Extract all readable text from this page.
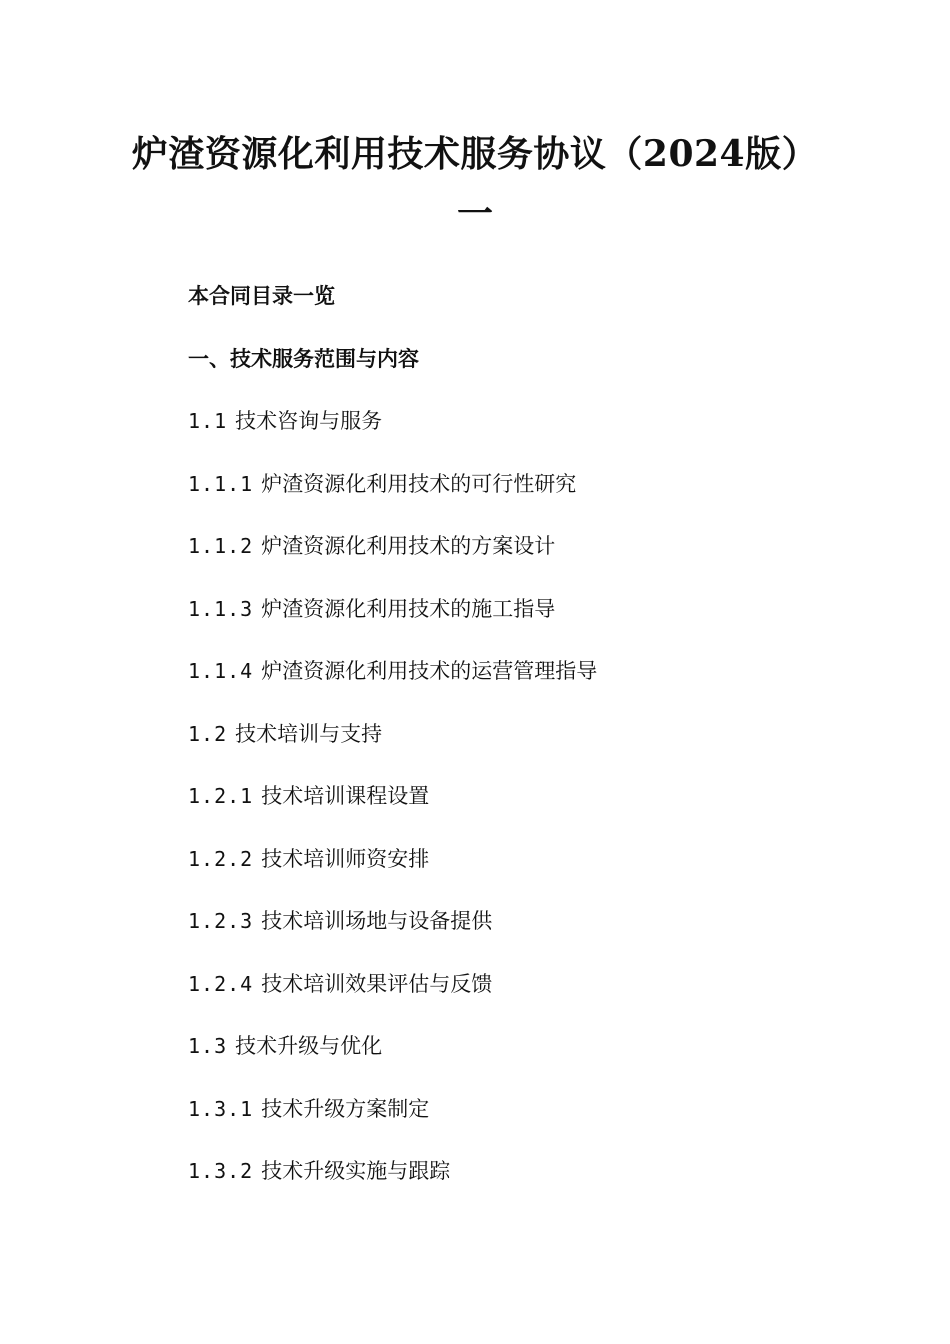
炉渣资源化利用技术服务协议（2024版）
一
本合同目录一览
一、技术服务范围与内容
1.1 技术咨询与服务
1.1.1 炉渣资源化利用技术的可行性研究
1.1.2 炉渣资源化利用技术的方案设计
1.1.3 炉渣资源化利用技术的施工指导
1.1.4 炉渣资源化利用技术的运营管理指导
1.2 技术培训与支持
1.2.1 技术培训课程设置
1.2.2 技术培训师资安排
1.2.3 技术培训场地与设备提供
1.2.4 技术培训效果评估与反馈
1.3 技术升级与优化
1.3.1 技术升级方案制定
1.3.2 技术升级实施与跟踪
